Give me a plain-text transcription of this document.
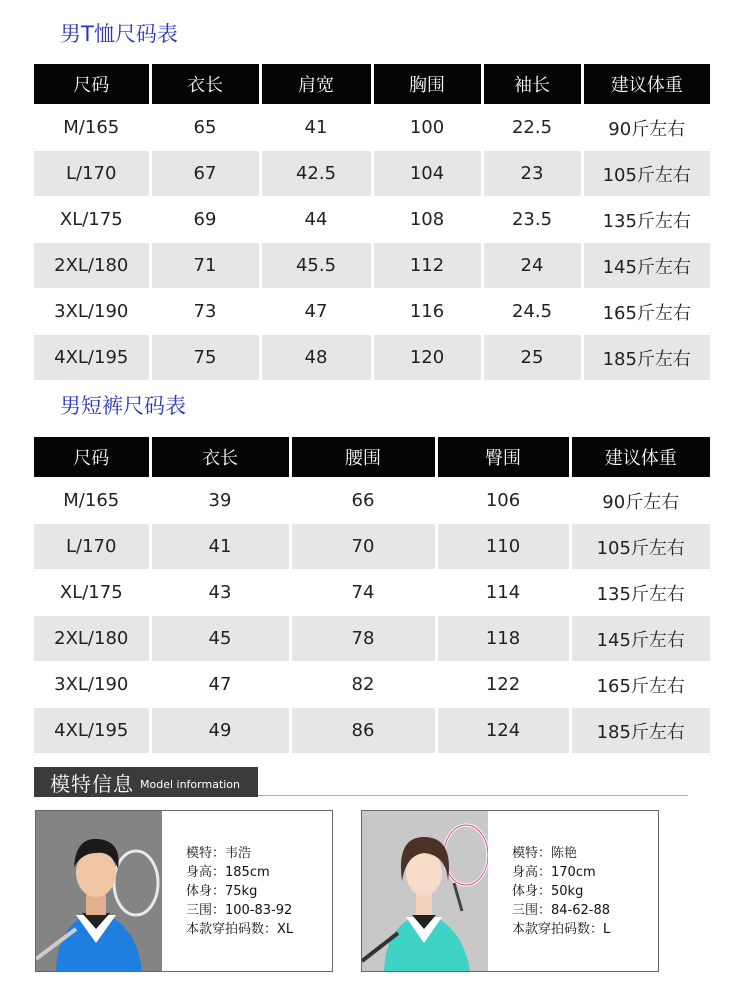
男T恤尺码表
尺码	衣长	肩宽	胸围	袖长	建议体重
M/165	65	41	100	22.5	90斤左右
L/170	67	42.5	104	23	105斤左右
XL/175	69	44	108	23.5	135斤左右
2XL/180	71	45.5	112	24	145斤左右
3XL/190	73	47	116	24.5	165斤左右
4XL/195	75	48	120	25	185斤左右
男短裤尺码表
尺码	衣长	腰围	臀围	建议体重
M/165	39	66	106	90斤左右
L/170	41	70	110	105斤左右
XL/175	43	74	114	135斤左右
2XL/180	45	78	118	145斤左右
3XL/190	47	82	122	165斤左右
4XL/195	49	86	124	185斤左右
模特信息 Model information
模特：韦浩
身高：185cm
体身：75kg
三围：100-83-92
本款穿拍码数：XL
模特：陈艳
身高：170cm
体身：50kg
三围：84-62-88
本款穿拍码数：L
